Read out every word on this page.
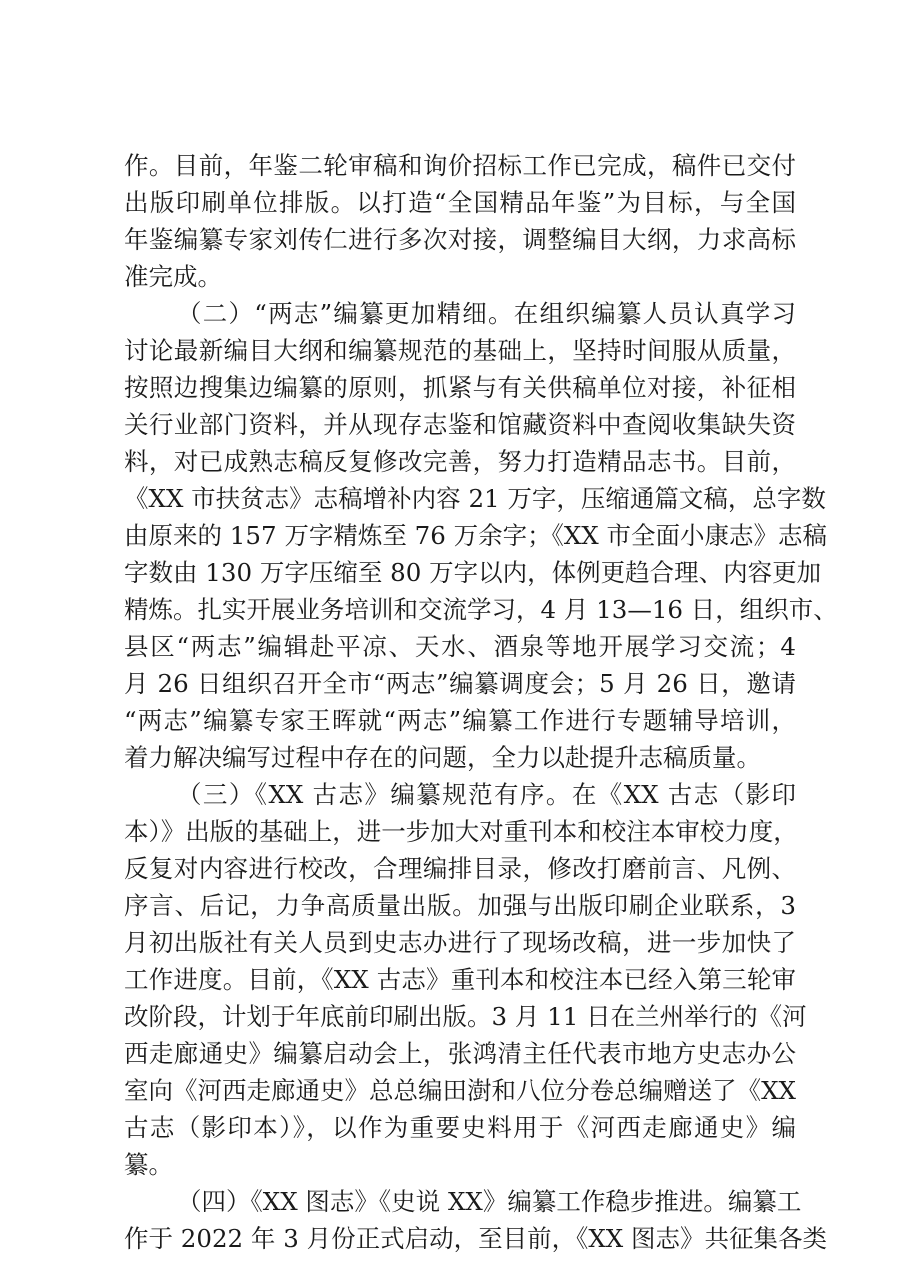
作。目前，年鉴二轮审稿和询价招标工作已完成，稿件已交付
出版印刷单位排版。以打造“全国精品年鉴”为目标，与全国
年鉴编纂专家刘传仁进行多次对接，调整编目大纲，力求高标
准完成。
（二）“两志”编纂更加精细。在组织编纂人员认真学习
讨论最新编目大纲和编纂规范的基础上，坚持时间服从质量，
按照边搜集边编纂的原则，抓紧与有关供稿单位对接，补征相
关行业部门资料，并从现存志鉴和馆藏资料中查阅收集缺失资
料，对已成熟志稿反复修改完善，努力打造精品志书。目前，
《XX 市扶贫志》志稿增补内容 21 万字，压缩通篇文稿，总字数
由原来的 157 万字精炼至 76 万余字；《XX 市全面小康志》志稿
字数由 130 万字压缩至 80 万字以内，体例更趋合理、内容更加
精炼。扎实开展业务培训和交流学习，4 月 13—16 日，组织市、
县区“两志”编辑赴平凉、天水、酒泉等地开展学习交流；4
月 26 日组织召开全市“两志”编纂调度会；5 月 26 日，邀请
“两志”编纂专家王晖就“两志”编纂工作进行专题辅导培训，
着力解决编写过程中存在的问题，全力以赴提升志稿质量。
（三）《XX 古志》编纂规范有序。在《XX 古志（影印
本）》出版的基础上，进一步加大对重刊本和校注本审校力度，
反复对内容进行校改，合理编排目录，修改打磨前言、凡例、
序言、后记，力争高质量出版。加强与出版印刷企业联系，3
月初出版社有关人员到史志办进行了现场改稿，进一步加快了
工作进度。目前，《XX 古志》重刊本和校注本已经入第三轮审
改阶段，计划于年底前印刷出版。3 月 11 日在兰州举行的《河
西走廊通史》编纂启动会上，张鸿清主任代表市地方史志办公
室向《河西走廊通史》总总编田澍和八位分卷总编赠送了《XX
古志（影印本）》，以作为重要史料用于《河西走廊通史》编
纂。
（四）《XX 图志》《史说 XX》编纂工作稳步推进。编纂工
作于 2022 年 3 月份正式启动，至目前，《XX 图志》共征集各类
